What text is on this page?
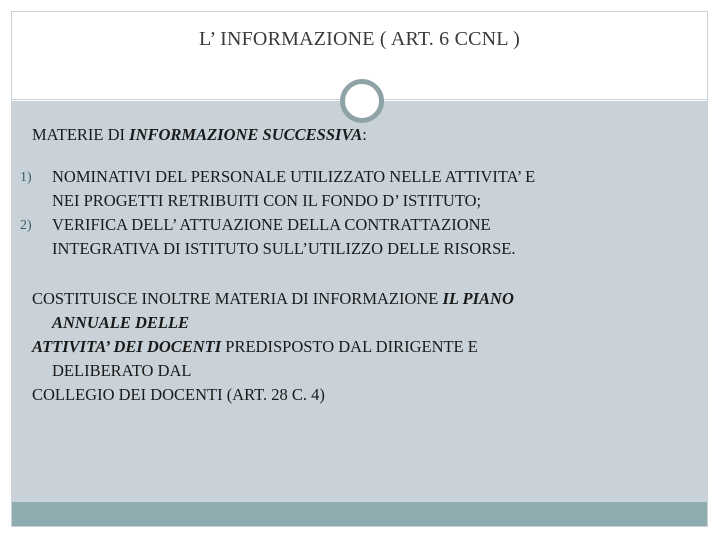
L’ INFORMAZIONE ( ART. 6 CCNL )

MATERIE DI INFORMAZIONE SUCCESSIVA:

1) NOMINATIVI DEL PERSONALE UTILIZZATO NELLE ATTIVITA’ E
NEI PROGETTI RETRIBUITI CON IL FONDO D’ ISTITUTO;
2) VERIFICA DELL’ ATTUAZIONE DELLA CONTRATTAZIONE
INTEGRATIVA DI ISTITUTO SULL’UTILIZZO DELLE RISORSE.
COSTITUISCE INOLTRE MATERIA DI INFORMAZIONE IL PIANO
ANNUALE DELLE
ATTIVITA’ DEI DOCENTI PREDISPOSTO DAL DIRIGENTE E
DELIBERATO DAL
COLLEGIO DEI DOCENTI (ART. 28 C. 4)
